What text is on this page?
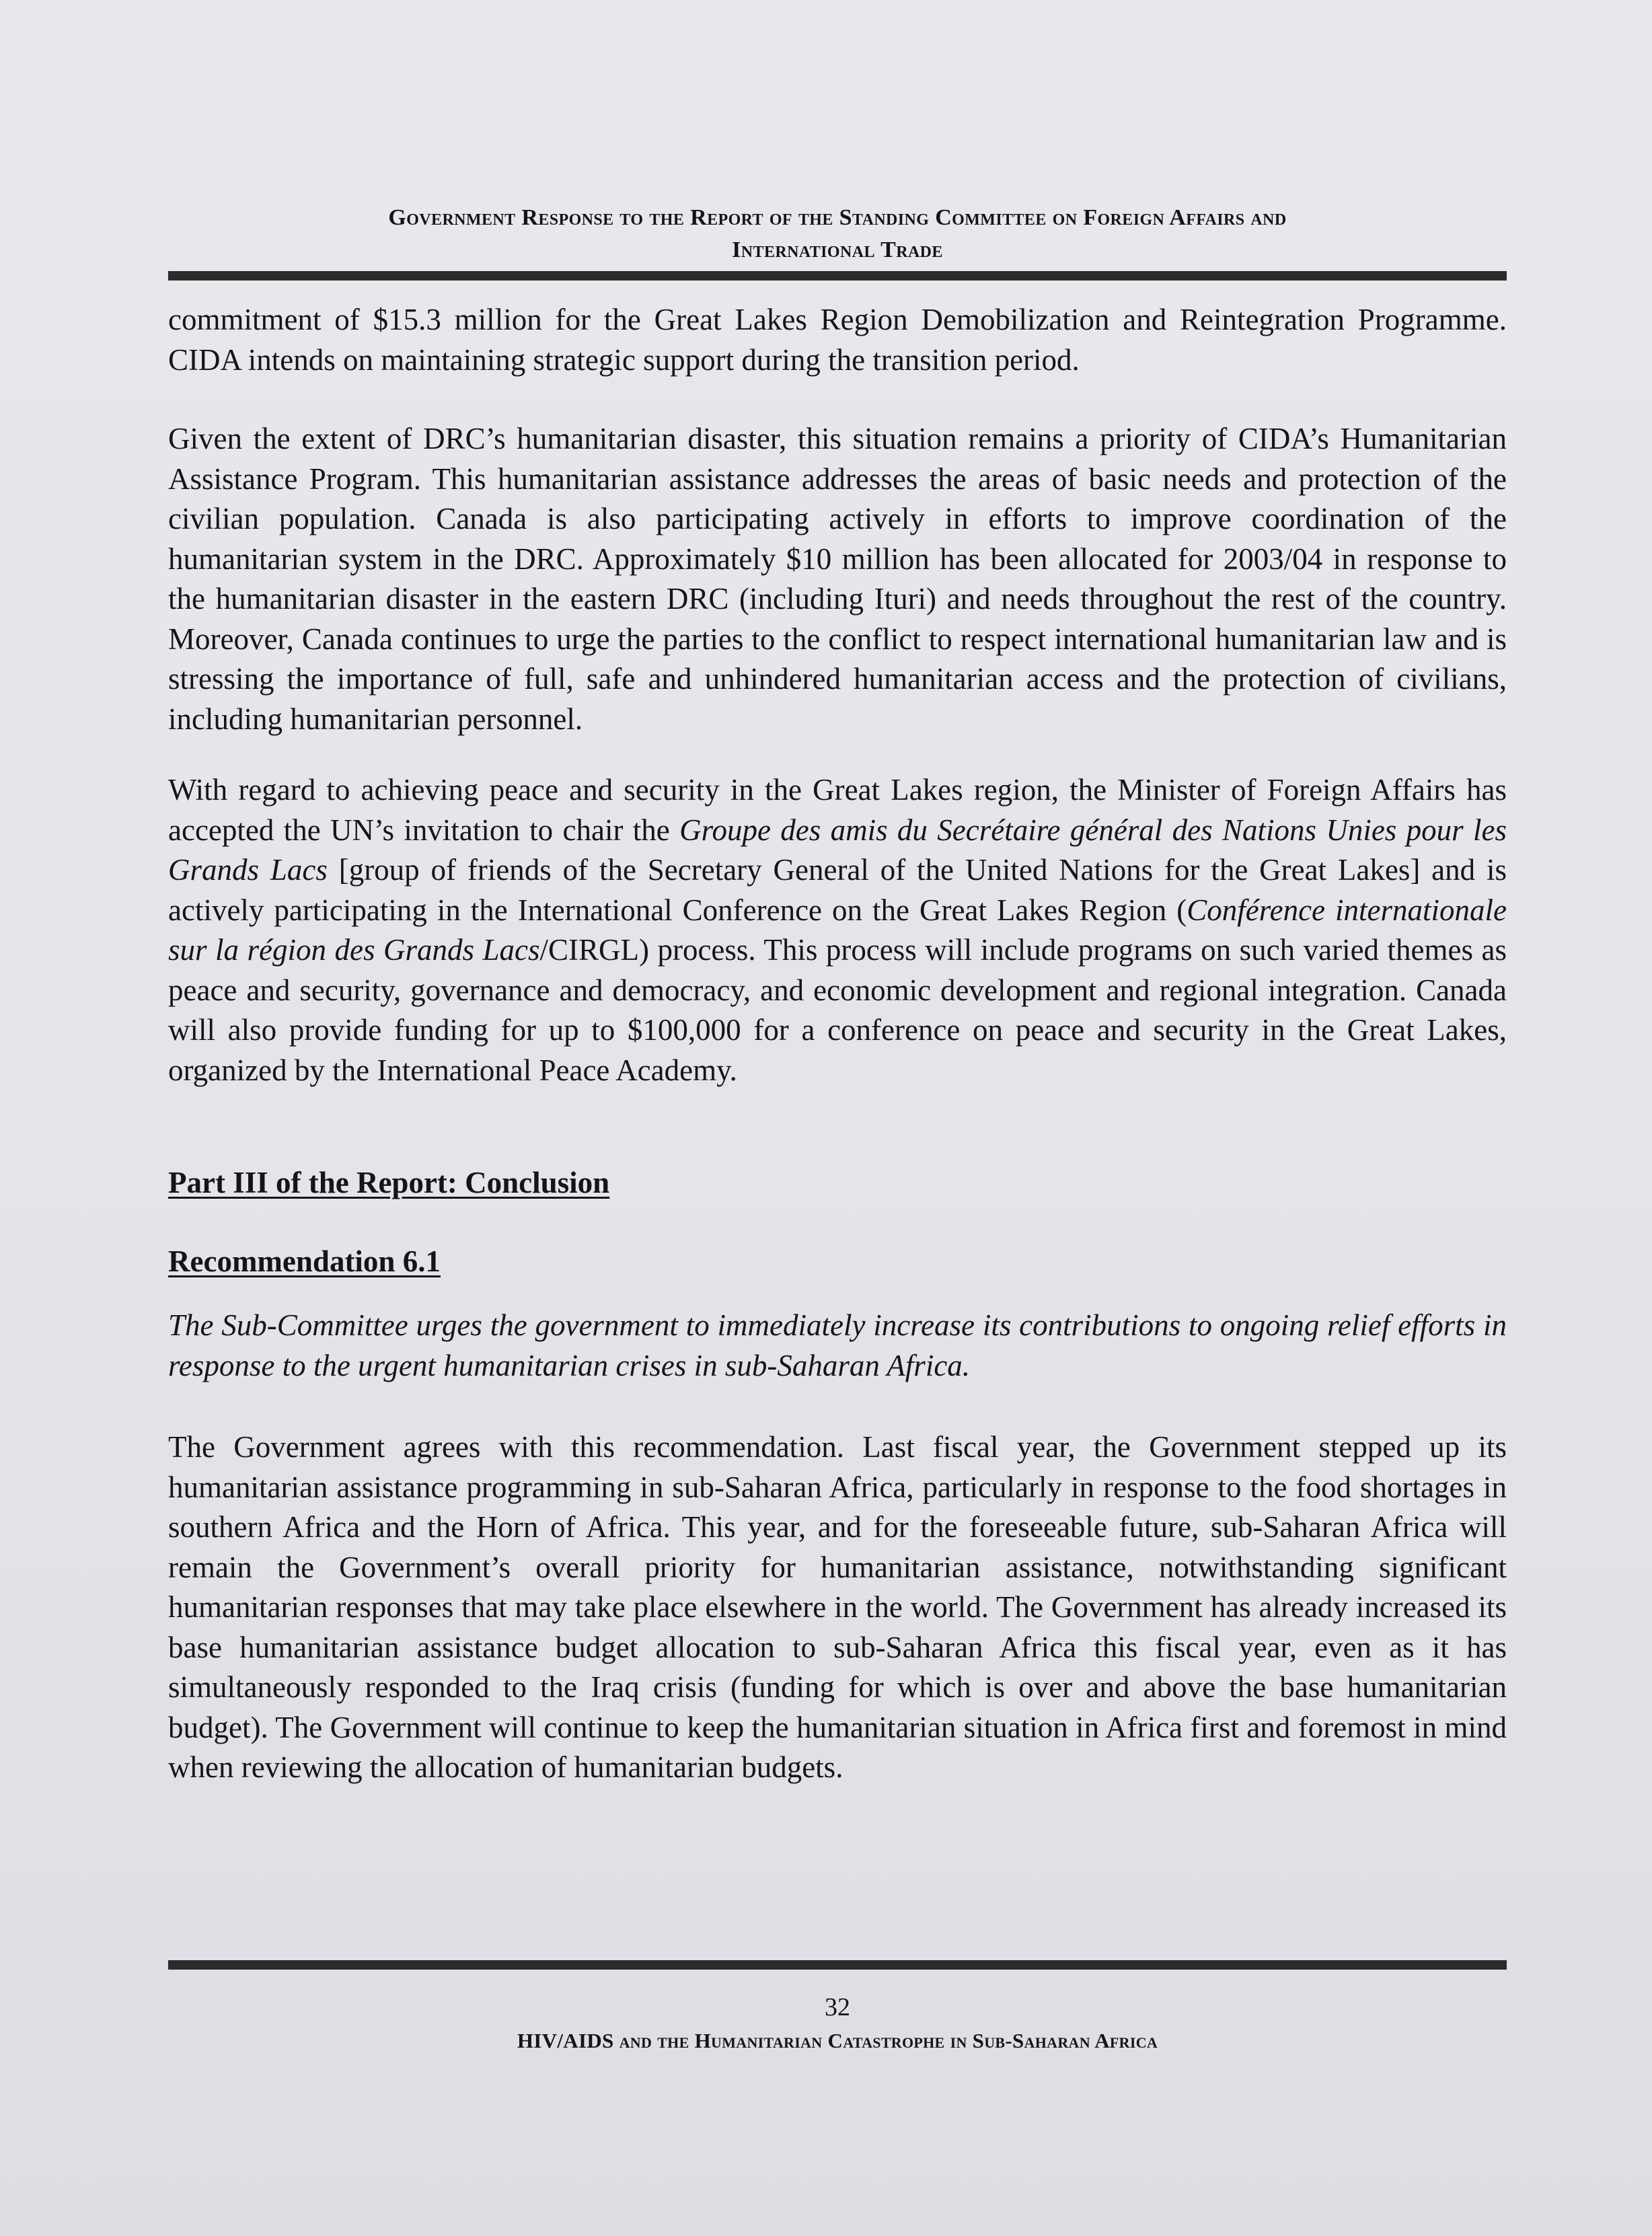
Government Response to the Report of the Standing Committee on Foreign Affairs and
International Trade

commitment of $15.3 million for the Great Lakes Region Demobilization and Reintegration Programme. CIDA intends on maintaining strategic support during the transition period.

Given the extent of DRC’s humanitarian disaster, this situation remains a priority of CIDA’s Humanitarian Assistance Program. This humanitarian assistance addresses the areas of basic needs and protection of the civilian population. Canada is also participating actively in efforts to improve coordination of the humanitarian system in the DRC. Approximately $10 million has been allocated for 2003/04 in response to the humanitarian disaster in the eastern DRC (including Ituri) and needs throughout the rest of the country. Moreover, Canada continues to urge the parties to the conflict to respect international humanitarian law and is stressing the importance of full, safe and unhindered humanitarian access and the protection of civilians, including humanitarian personnel.

With regard to achieving peace and security in the Great Lakes region, the Minister of Foreign Affairs has accepted the UN’s invitation to chair the Groupe des amis du Secrétaire général des Nations Unies pour les Grands Lacs [group of friends of the Secretary General of the United Nations for the Great Lakes] and is actively participating in the International Conference on the Great Lakes Region (Conférence internationale sur la région des Grands Lacs/CIRGL) process. This process will include programs on such varied themes as peace and security, governance and democracy, and economic development and regional integration. Canada will also provide funding for up to $100,000 for a conference on peace and security in the Great Lakes, organized by the International Peace Academy.

Part III of the Report: Conclusion

Recommendation 6.1

The Sub-Committee urges the government to immediately increase its contributions to ongoing relief efforts in response to the urgent humanitarian crises in sub-Saharan Africa.

The Government agrees with this recommendation. Last fiscal year, the Government stepped up its humanitarian assistance programming in sub-Saharan Africa, particularly in response to the food shortages in southern Africa and the Horn of Africa. This year, and for the foreseeable future, sub-Saharan Africa will remain the Government’s overall priority for humanitarian assistance, notwithstanding significant humanitarian responses that may take place elsewhere in the world. The Government has already increased its base humanitarian assistance budget allocation to sub-Saharan Africa this fiscal year, even as it has simultaneously responded to the Iraq crisis (funding for which is over and above the base humanitarian budget). The Government will continue to keep the humanitarian situation in Africa first and foremost in mind when reviewing the allocation of humanitarian budgets.

32
HIV/AIDS and the Humanitarian Catastrophe in Sub-Saharan Africa
